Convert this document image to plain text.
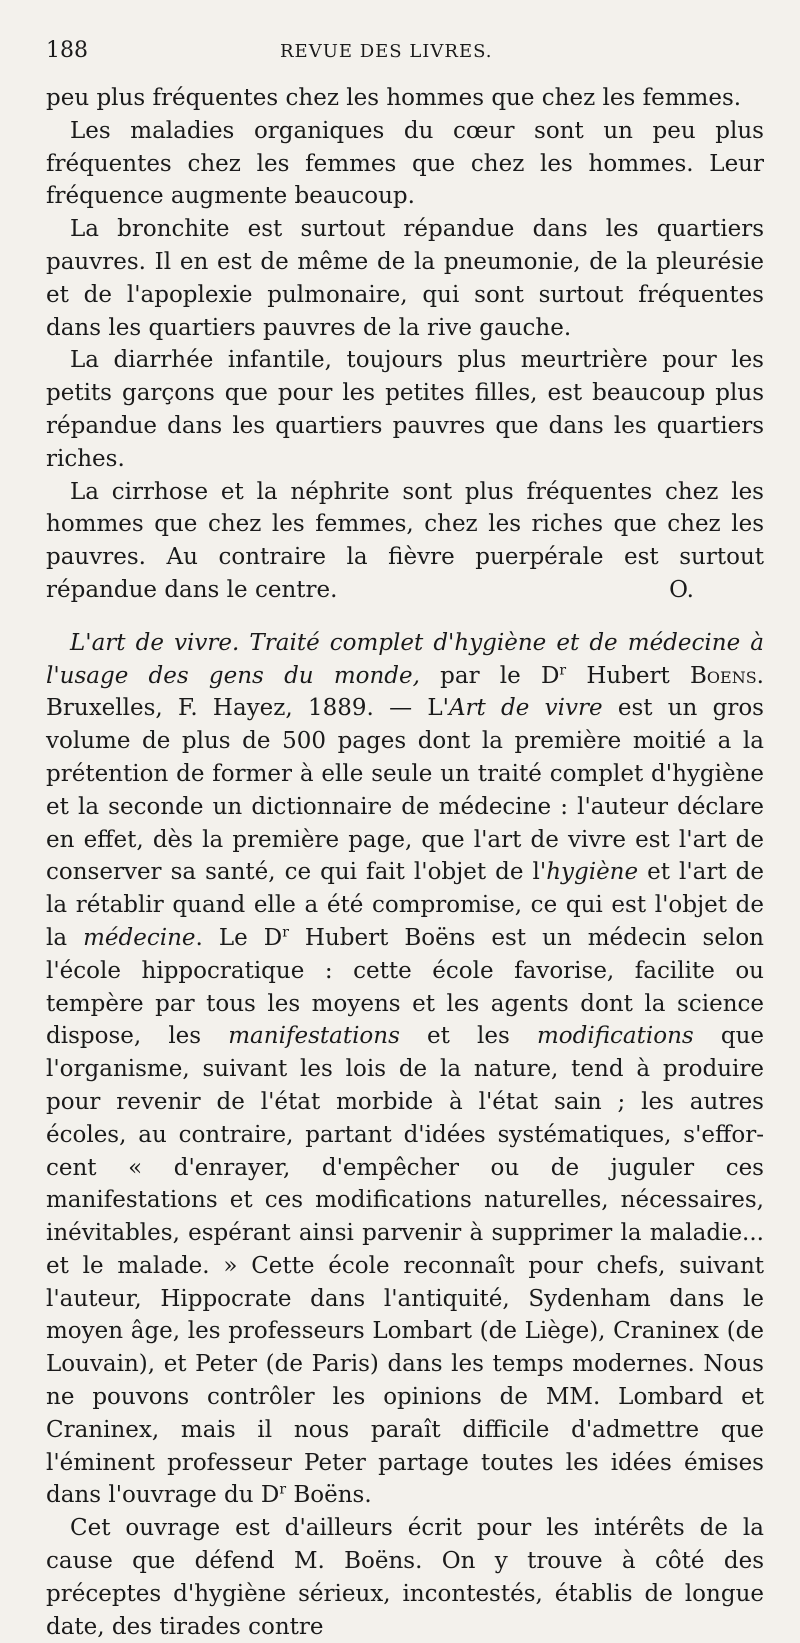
188	REVUE DES LIVRES.

peu plus fréquentes chez les hommes que chez les femmes.

Les maladies organiques du cœur sont un peu plus fréquentes chez les femmes que chez les hommes. Leur fréquence augmente beaucoup.

La bronchite est surtout répandue dans les quartiers pauvres. Il en est de même de la pneumonie, de la pleurésie et de l'apoplexie pulmonaire, qui sont surtout fréquentes dans les quartiers pauvres de la rive gauche.

La diarrhée infantile, toujours plus meurtrière pour les petits garçons que pour les petites filles, est beaucoup plus répandue dans les quartiers pauvres que dans les quartiers riches.

La cirrhose et la néphrite sont plus fréquentes chez les hommes que chez les femmes, chez les riches que chez les pauvres. Au contraire la fièvre puerpérale est surtout répandue dans le centre.	O.

L'art de vivre. Traité complet d'hygiène et de médecine à l'usage des gens du monde, par le $D^r$ Hubert Boens. Bruxelles, F. Hayez, 1889. — L'Art de vivre est un gros volume de plus de 500 pages dont la première moitié a la prétention de former à elle seule un traité complet d'hygiène et la seconde un dictionnaire de médecine : l'auteur déclare en effet, dès la première page, que l'art de vivre est l'art de conserver sa santé, ce qui fait l'objet de l'hygiène et l'art de la rétablir quand elle a été compromise, ce qui est l'objet de la médecine. Le $D^r$ Hubert Boëns est un médecin selon l'école hippocratique : cette école favorise, facilite ou tempère par tous les moyens et les agents dont la science dispose, les manifestations et les modifications que l'organisme, suivant les lois de la nature, tend à produire pour revenir de l'état morbide à l'état sain ; les autres écoles, au contraire, partant d'idées systématiques, s'efforcent « d'enrayer, d'empêcher ou de juguler ces manifestations et ces modifications naturelles, nécessaires, inévitables, espérant ainsi parvenir à supprimer la maladie... et le malade. » Cette école reconnaît pour chefs, suivant l'auteur, Hippocrate dans l'antiquité, Sydenham dans le moyen âge, les professeurs Lombart (de Liège), Craninex (de Louvain), et Peter (de Paris) dans les temps modernes. Nous ne pouvons contrôler les opinions de MM. Lombard et Craninex, mais il nous paraît difficile d'admettre que l'éminent professeur Peter partage toutes les idées émises dans l'ouvrage du $D^r$ Boëns.

Cet ouvrage est d'ailleurs écrit pour les intérêts de la cause que défend M. Boëns. On y trouve à côté des préceptes d'hygiène sérieux, incontestés, établis de longue date, des tirades contre
